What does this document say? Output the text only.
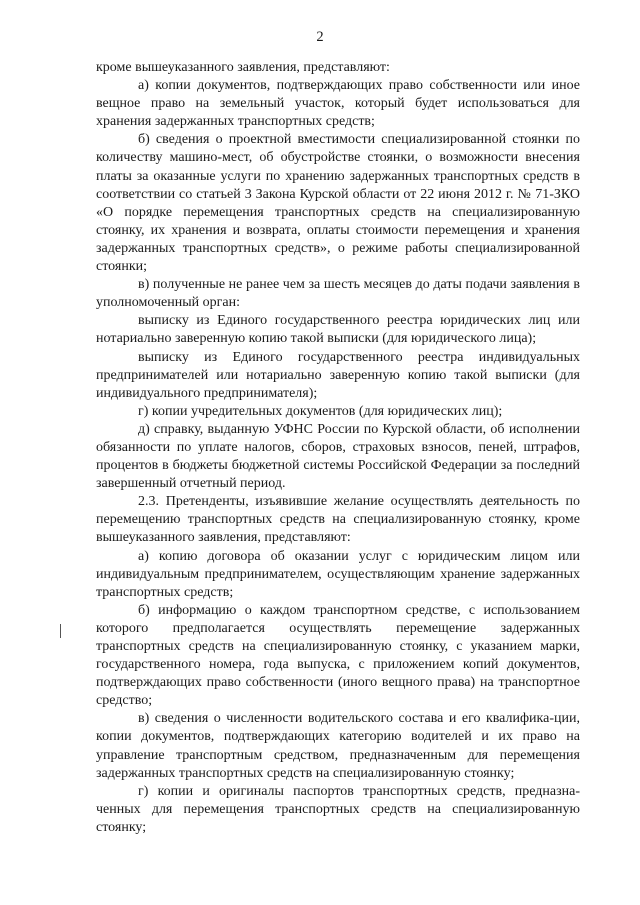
2

кроме вышеуказанного заявления, представляют:

а) копии документов, подтверждающих право собственности или иное вещное право на земельный участок, который будет использоваться для хранения задержанных транспортных средств;

б) сведения о проектной вместимости специализированной стоянки по количеству машино-мест, об обустройстве стоянки, о возможности внесения платы за оказанные услуги по хранению задержанных транспортных средств в соответствии со статьей 3 Закона Курской области от 22 июня 2012 г. № 71-ЗКО «О порядке перемещения транспортных средств на специализированную стоянку, их хранения и возврата, оплаты стоимости перемещения и хранения задержанных транспортных средств», о режиме работы специализированной стоянки;

в) полученные не ранее чем за шесть месяцев до даты подачи заявления в уполномоченный орган:

выписку из Единого государственного реестра юридических лиц или нотариально заверенную копию такой выписки (для юридического лица);

выписку из Единого государственного реестра индивидуальных предпринимателей или нотариально заверенную копию такой выписки (для индивидуального предпринимателя);

г) копии учредительных документов (для юридических лиц);

д) справку, выданную УФНС России по Курской области, об исполнении обязанности по уплате налогов, сборов, страховых взносов, пеней, штрафов, процентов в бюджеты бюджетной системы Российской Федерации за последний завершенный отчетный период.

2.3. Претенденты, изъявившие желание осуществлять деятельность по перемещению транспортных средств на специализированную стоянку, кроме вышеуказанного заявления, представляют:

а) копию договора об оказании услуг с юридическим лицом или индивидуальным предпринимателем, осуществляющим хранение задержанных транспортных средств;

б) информацию о каждом транспортном средстве, с использованием которого предполагается осуществлять перемещение задержанных транспортных средств на специализированную стоянку, с указанием марки, государственного номера, года выпуска, с приложением копий документов, подтверждающих право собственности (иного вещного права) на транспортное средство;

в) сведения о численности водительского состава и его квалифика-ции, копии документов, подтверждающих категорию водителей и их право на управление транспортным средством, предназначенным для перемещения задержанных транспортных средств на специализированную стоянку;

г) копии и оригиналы паспортов транспортных средств, предназна-ченных для перемещения транспортных средств на специализированную стоянку;
